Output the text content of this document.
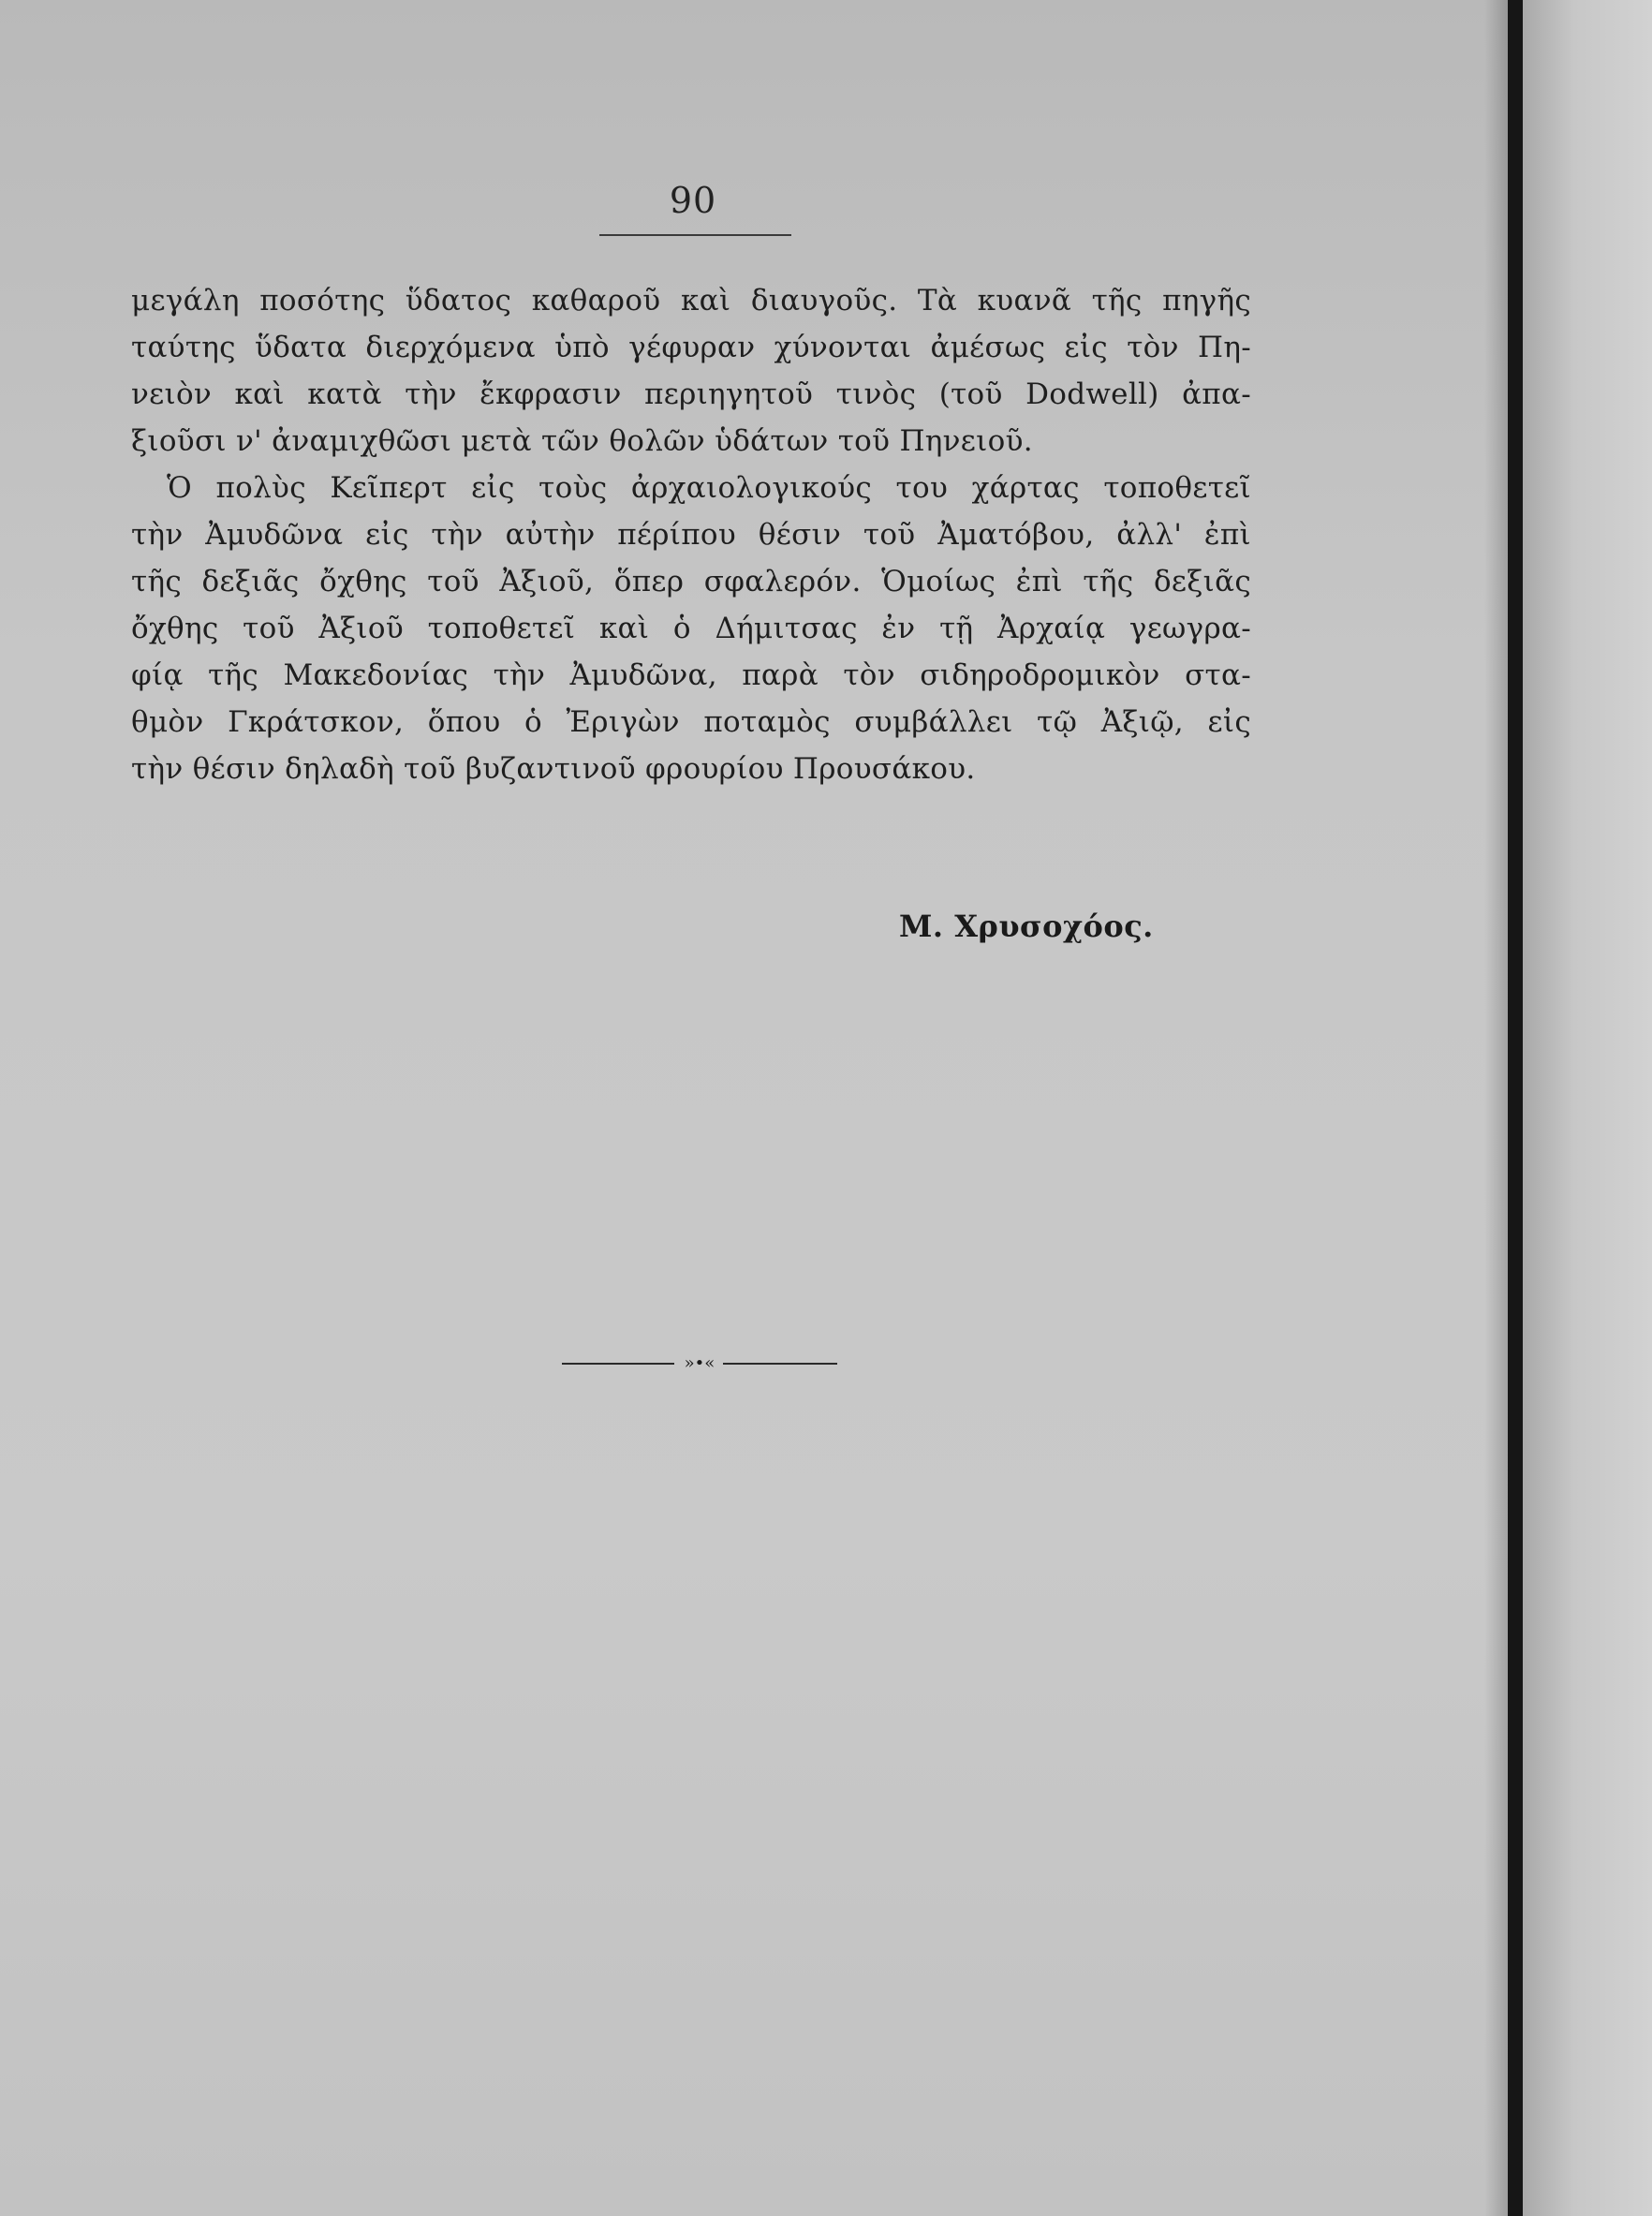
90
μεγάλη ποσότης ὕδατος καθαροῦ καὶ διαυγοῦς. Τὰ κυανᾶ τῆς πηγῆς
ταύτης ὕδατα διερχόμενα ὑπὸ γέφυραν χύνονται ἀμέσως εἰς τὸν Πη-
νειὸν καὶ κατὰ τὴν ἔκφρασιν περιηγητοῦ τινὸς (τοῦ Dodwell) ἀπα-
ξιοῦσι ν' ἀναμιχθῶσι μετὰ τῶν θολῶν ὑδάτων τοῦ Πηνειοῦ.
Ὁ πολὺς Κεῖπερτ εἰς τοὺς ἀρχαιολογικούς του χάρτας τοποθετεῖ
τὴν Ἀμυδῶνα εἰς τὴν αὐτὴν πέρίπου θέσιν τοῦ Ἀματόβου, ἀλλ' ἐπὶ
τῆς δεξιᾶς ὄχθης τοῦ Ἀξιοῦ, ὅπερ σφαλερόν. Ὁμοίως ἐπὶ τῆς δεξιᾶς
ὄχθης τοῦ Ἀξιοῦ τοποθετεῖ καὶ ὁ Δήμιτσας ἐν τῇ Ἀρχαίᾳ γεωγρα-
φίᾳ τῆς Μακεδονίας τὴν Ἀμυδῶνα, παρὰ τὸν σιδηροδρομικὸν στα-
θμὸν Γκράτσκον, ὅπου ὁ Ἐριγὼν ποταμὸς συμβάλλει τῷ Ἀξιῷ, εἰς
τὴν θέσιν δηλαδὴ τοῦ βυζαντινοῦ φρουρίου Προυσάκου.
Μ. Χρυσοχόος.
»•«
